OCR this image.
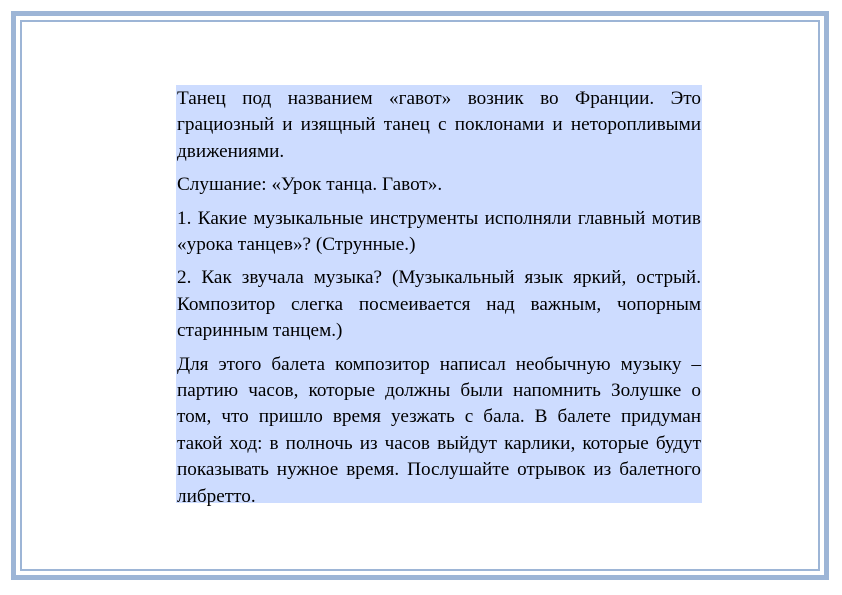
Танец под названием «гавот» возник во Франции. Это грациозный и изящный танец с поклонами и неторопливыми движениями.

Слушание: «Урок танца. Гавот».

1. Какие музыкальные инструменты исполняли главный мотив «урока танцев»? (Струнные.)

2. Как звучала музыка? (Музыкальный язык яркий, острый. Композитор слегка посмеивается над важным, чопорным старинным танцем.)

Для этого балета композитор написал необычную музыку – партию часов, которые должны были напомнить Золушке о том, что пришло время уезжать с бала. В балете придуман такой ход: в полночь из часов выйдут карлики, которые будут показывать нужное время. Послушайте отрывок из балетного либретто.
